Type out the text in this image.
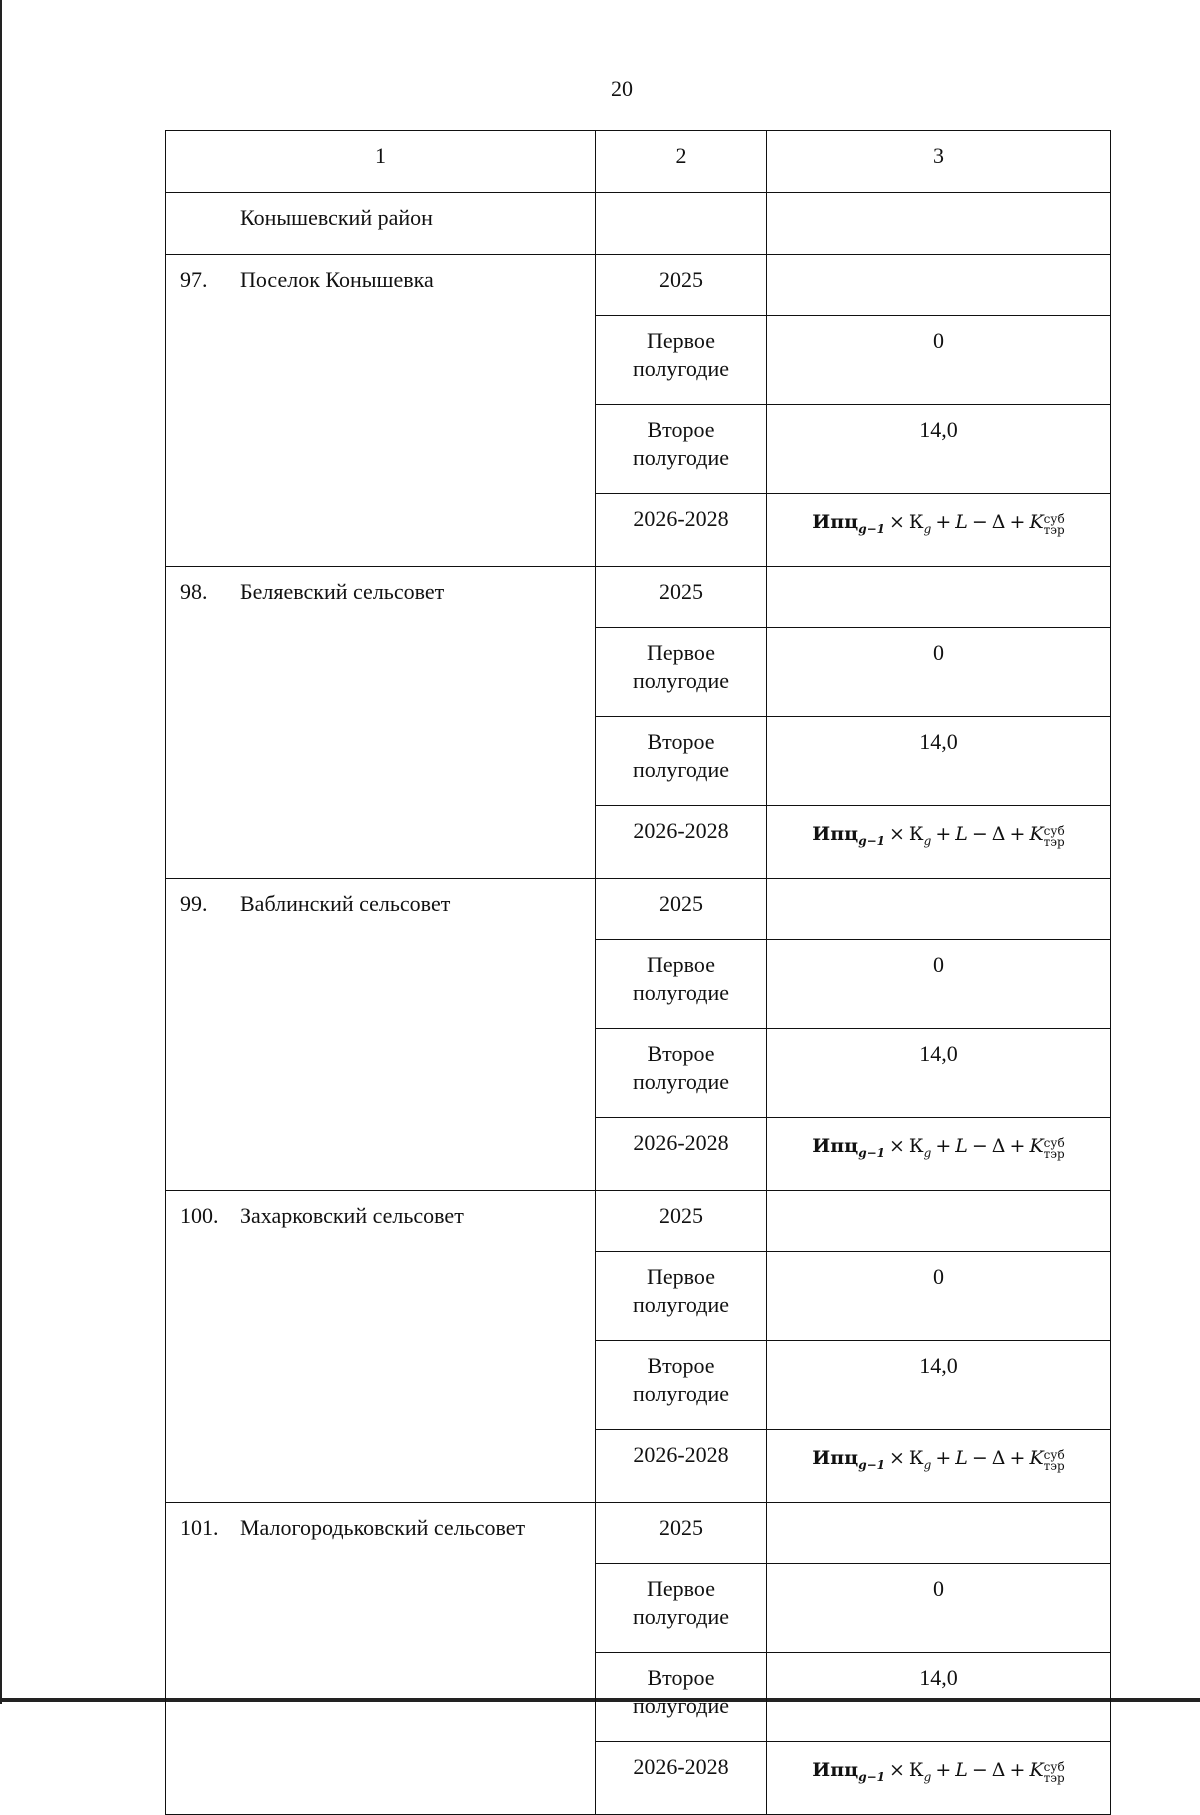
20
1	2	3
Конышевский район		
97. Поселок Конышевка	2025	
	Первое
полугодие	0
	Второе
полугодие	14,0
	2026-2028	$Ипц_{g-1} \times К_g + L - \Delta + K$ суб
тэр

98. Беляевский сельсовет	2025	
	Первое
полугодие	0
	Второе
полугодие	14,0
	2026-2028	$Ипц_{g-1} \times К_g + L - \Delta + K$ суб
тэр

99. Ваблинский сельсовет	2025	
	Первое
полугодие	0
	Второе
полугодие	14,0
	2026-2028	$Ипц_{g-1} \times К_g + L - \Delta + K$ суб
тэр

100. Захарковский сельсовет	2025	
	Первое
полугодие	0
	Второе
полугодие	14,0
	2026-2028	$Ипц_{g-1} \times К_g + L - \Delta + K$ суб
тэр

101. Малогородьковский сельсовет	2025	
	Первое
полугодие	0
	Второе
полугодие	14,0
	2026-2028	$Ипц_{g-1} \times К_g + L - \Delta + K$ суб
тэр
